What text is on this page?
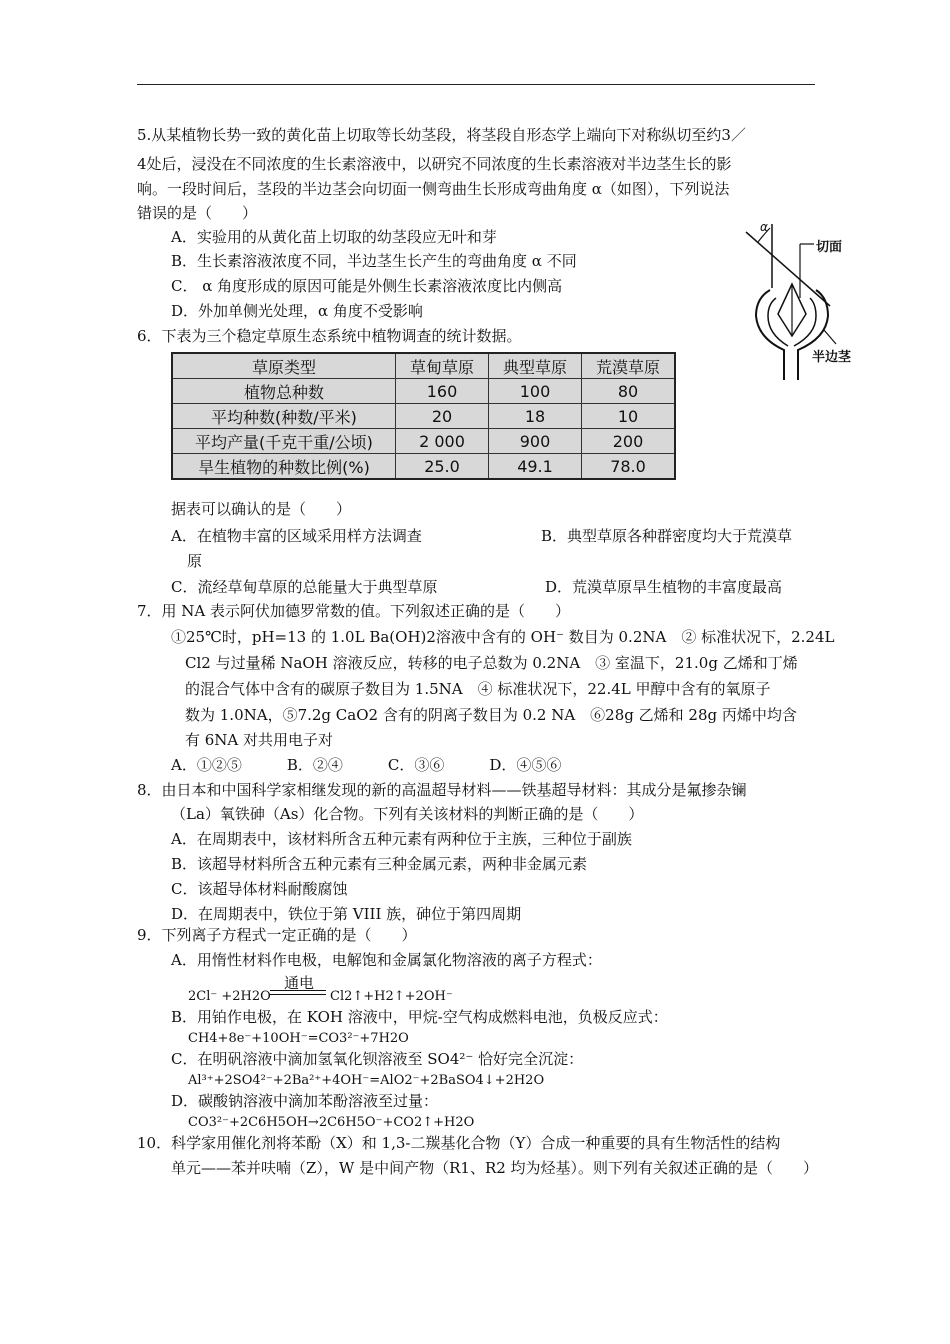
5.从某植物长势一致的黄化苗上切取等长幼茎段，将茎段自形态学上端向下对称纵切至约3／
4处后，浸没在不同浓度的生长素溶液中，以研究不同浓度的生长素溶液对半边茎生长的影
响。一段时间后，茎段的半边茎会向切面一侧弯曲生长形成弯曲角度 α（如图），下列说法
错误的是（　　）
A．实验用的从黄化苗上切取的幼茎段应无叶和芽
B．生长素溶液浓度不同，半边茎生长产生的弯曲角度 α 不同
C． α 角度形成的原因可能是外侧生长素溶液浓度比内侧高
D．外加单侧光处理，α 角度不受影响
α
切面
半边茎
6．下表为三个稳定草原生态系统中植物调查的统计数据。
草原类型	草甸草原	典型草原	荒漠草原
植物总种数	160	100	80
平均种数(种数/平米)	20	18	10
平均产量(千克干重/公顷)	2 000	900	200
旱生植物的种数比例(%)	25.0	49.1	78.0
据表可以确认的是（　　）
A．在植物丰富的区域采用样方法调查	B．典型草原各种群密度均大于荒漠草
原
C．流经草甸草原的总能量大于典型草原	D．荒漠草原旱生植物的丰富度最高
7．用 NA 表示阿伏加德罗常数的值。下列叙述正确的是（　　）
①25℃时，pH=13 的 1.0L Ba(OH)2溶液中含有的 OH⁻ 数目为 0.2NA　② 标准状况下，2.24L
Cl2 与过量稀 NaOH 溶液反应，转移的电子总数为 0.2NA　③ 室温下，21.0g 乙烯和丁烯
的混合气体中含有的碳原子数目为 1.5NA　④ 标准状况下，22.4L 甲醇中含有的氧原子
数为 1.0NA，⑤7.2g CaO2 含有的阴离子数目为 0.2 NA　⑥28g 乙烯和 28g 丙烯中均含
有 6NA 对共用电子对
A．①②⑤　　　B．②④　　　C．③⑥　　　D．④⑤⑥
8．由日本和中国科学家相继发现的新的高温超导材料——铁基超导材料：其成分是氟掺杂镧
（La）氧铁砷（As）化合物。下列有关该材料的判断正确的是（　　）
A．在周期表中，该材料所含五种元素有两种位于主族，三种位于副族
B．该超导材料所含五种元素有三种金属元素，两种非金属元素
C．该超导体材料耐酸腐蚀
D．在周期表中，铁位于第 VIII 族，砷位于第四周期
9．下列离子方程式一定正确的是（　　）
A．用惰性材料作电极，电解饱和金属氯化物溶液的离子方程式：
2Cl⁻ +2H2O
通电
Cl2↑+H2↑+2OH⁻
B．用铂作电极，在 KOH 溶液中，甲烷-空气构成燃料电池，负极反应式：
CH4+8e⁻+10OH⁻=CO3²⁻+7H2O
C．在明矾溶液中滴加氢氧化钡溶液至 SO4²⁻ 恰好完全沉淀：
Al³⁺+2SO4²⁻+2Ba²⁺+4OH⁻=AlO2⁻+2BaSO4↓+2H2O
D．碳酸钠溶液中滴加苯酚溶液至过量：
CO3²⁻+2C6H5OH→2C6H5O⁻+CO2↑+H2O
10．科学家用催化剂将苯酚（X）和 1,3-二羰基化合物（Y）合成一种重要的具有生物活性的结构
单元——苯并呋喃（Z），W 是中间产物（R1、R2 均为烃基）。则下列有关叙述正确的是（　　）
